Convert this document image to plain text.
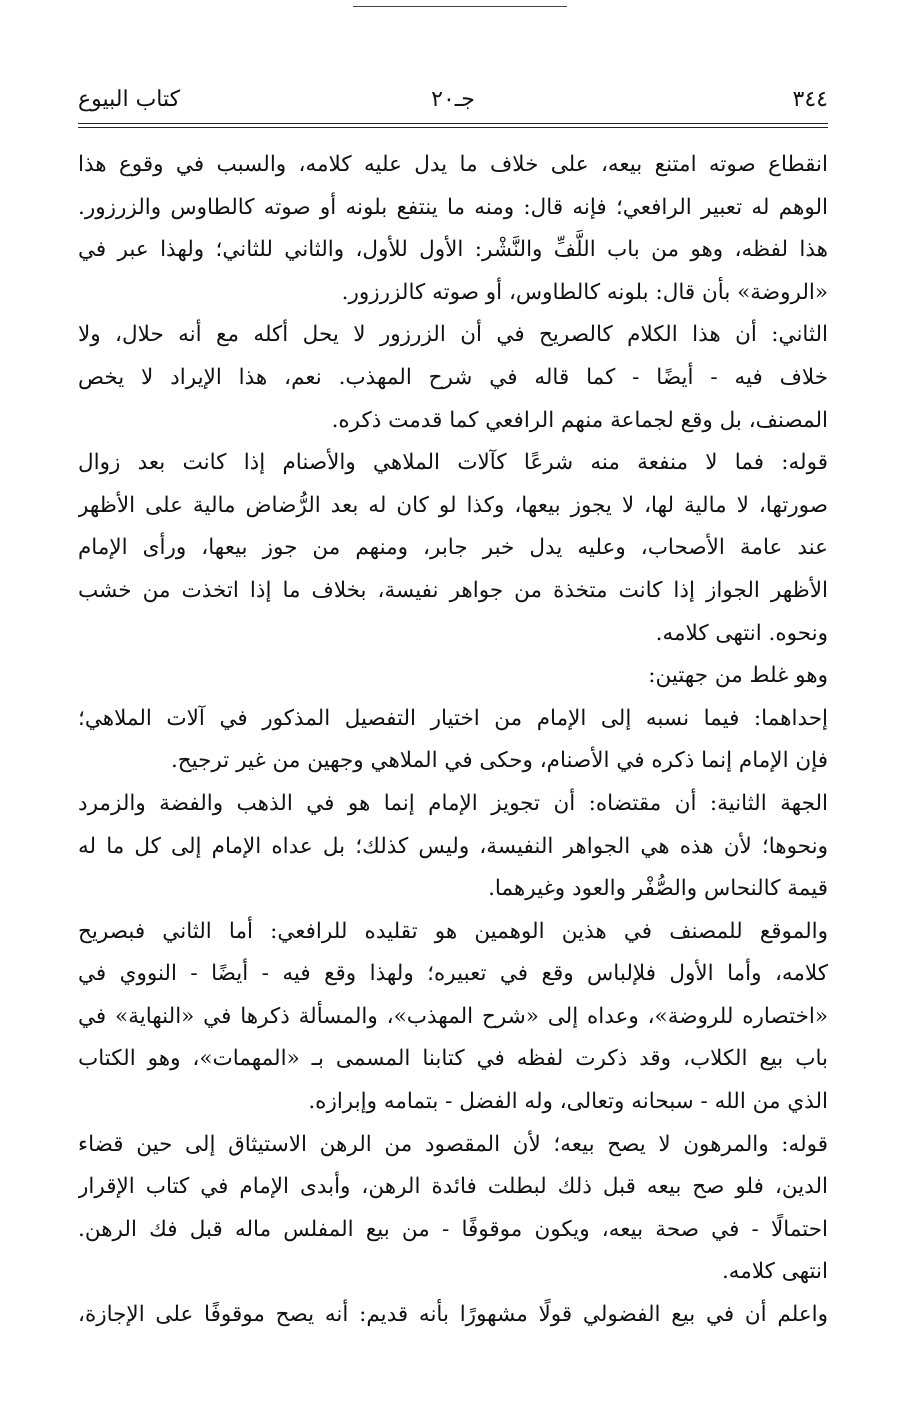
٣٤٤
جـ٢٠
كتاب البيوع
انقطاع صوته امتنع بيعه، على خلاف ما يدل عليه كلامه، والسبب في وقوع هذا
الوهم له تعبير الرافعي؛ فإنه قال: ومنه ما ينتفع بلونه أو صوته كالطاوس والزرزور.
هذا لفظه، وهو من باب اللَّفِّ والنَّشْر: الأول للأول، والثاني للثاني؛ ولهذا عبر في
«الروضة» بأن قال: بلونه كالطاوس، أو صوته كالزرزور.
الثاني: أن هذا الكلام كالصريح في أن الزرزور لا يحل أكله مع أنه حلال، ولا
خلاف فيه - أيضًا - كما قاله في شرح المهذب. نعم، هذا الإيراد لا يخص
المصنف، بل وقع لجماعة منهم الرافعي كما قدمت ذكره.
قوله: فما لا منفعة منه شرعًا كآلات الملاهي والأصنام إذا كانت بعد زوال
صورتها، لا مالية لها، لا يجوز بيعها، وكذا لو كان له بعد الرُّضاض مالية على الأظهر
عند عامة الأصحاب، وعليه يدل خبر جابر، ومنهم من جوز بيعها، ورأى الإمام
الأظهر الجواز إذا كانت متخذة من جواهر نفيسة، بخلاف ما إذا اتخذت من خشب
ونحوه. انتهى كلامه.
وهو غلط من جهتين:
إحداهما: فيما نسبه إلى الإمام من اختيار التفصيل المذكور في آلات الملاهي؛
فإن الإمام إنما ذكره في الأصنام، وحكى في الملاهي وجهين من غير ترجيح.
الجهة الثانية: أن مقتضاه: أن تجويز الإمام إنما هو في الذهب والفضة والزمرد
ونحوها؛ لأن هذه هي الجواهر النفيسة، وليس كذلك؛ بل عداه الإمام إلى كل ما له
قيمة كالنحاس والصُّفْر والعود وغيرهما.
والموقع للمصنف في هذين الوهمين هو تقليده للرافعي: أما الثاني فبصريح
كلامه، وأما الأول فلإلباس وقع في تعبيره؛ ولهذا وقع فيه - أيضًا - النووي في
«اختصاره للروضة»، وعداه إلى «شرح المهذب»، والمسألة ذكرها في «النهاية» في
باب بيع الكلاب، وقد ذكرت لفظه في كتابنا المسمى بـ «المهمات»، وهو الكتاب
الذي من الله - سبحانه وتعالى، وله الفضل - بتمامه وإبرازه.
قوله: والمرهون لا يصح بيعه؛ لأن المقصود من الرهن الاستيثاق إلى حين قضاء
الدين، فلو صح بيعه قبل ذلك لبطلت فائدة الرهن، وأبدى الإمام في كتاب الإقرار
احتمالًا - في صحة بيعه، ويكون موقوفًا - من بيع المفلس ماله قبل فك الرهن.
انتهى كلامه.
واعلم أن في بيع الفضولي قولًا مشهورًا بأنه قديم: أنه يصح موقوفًا على الإجازة،
